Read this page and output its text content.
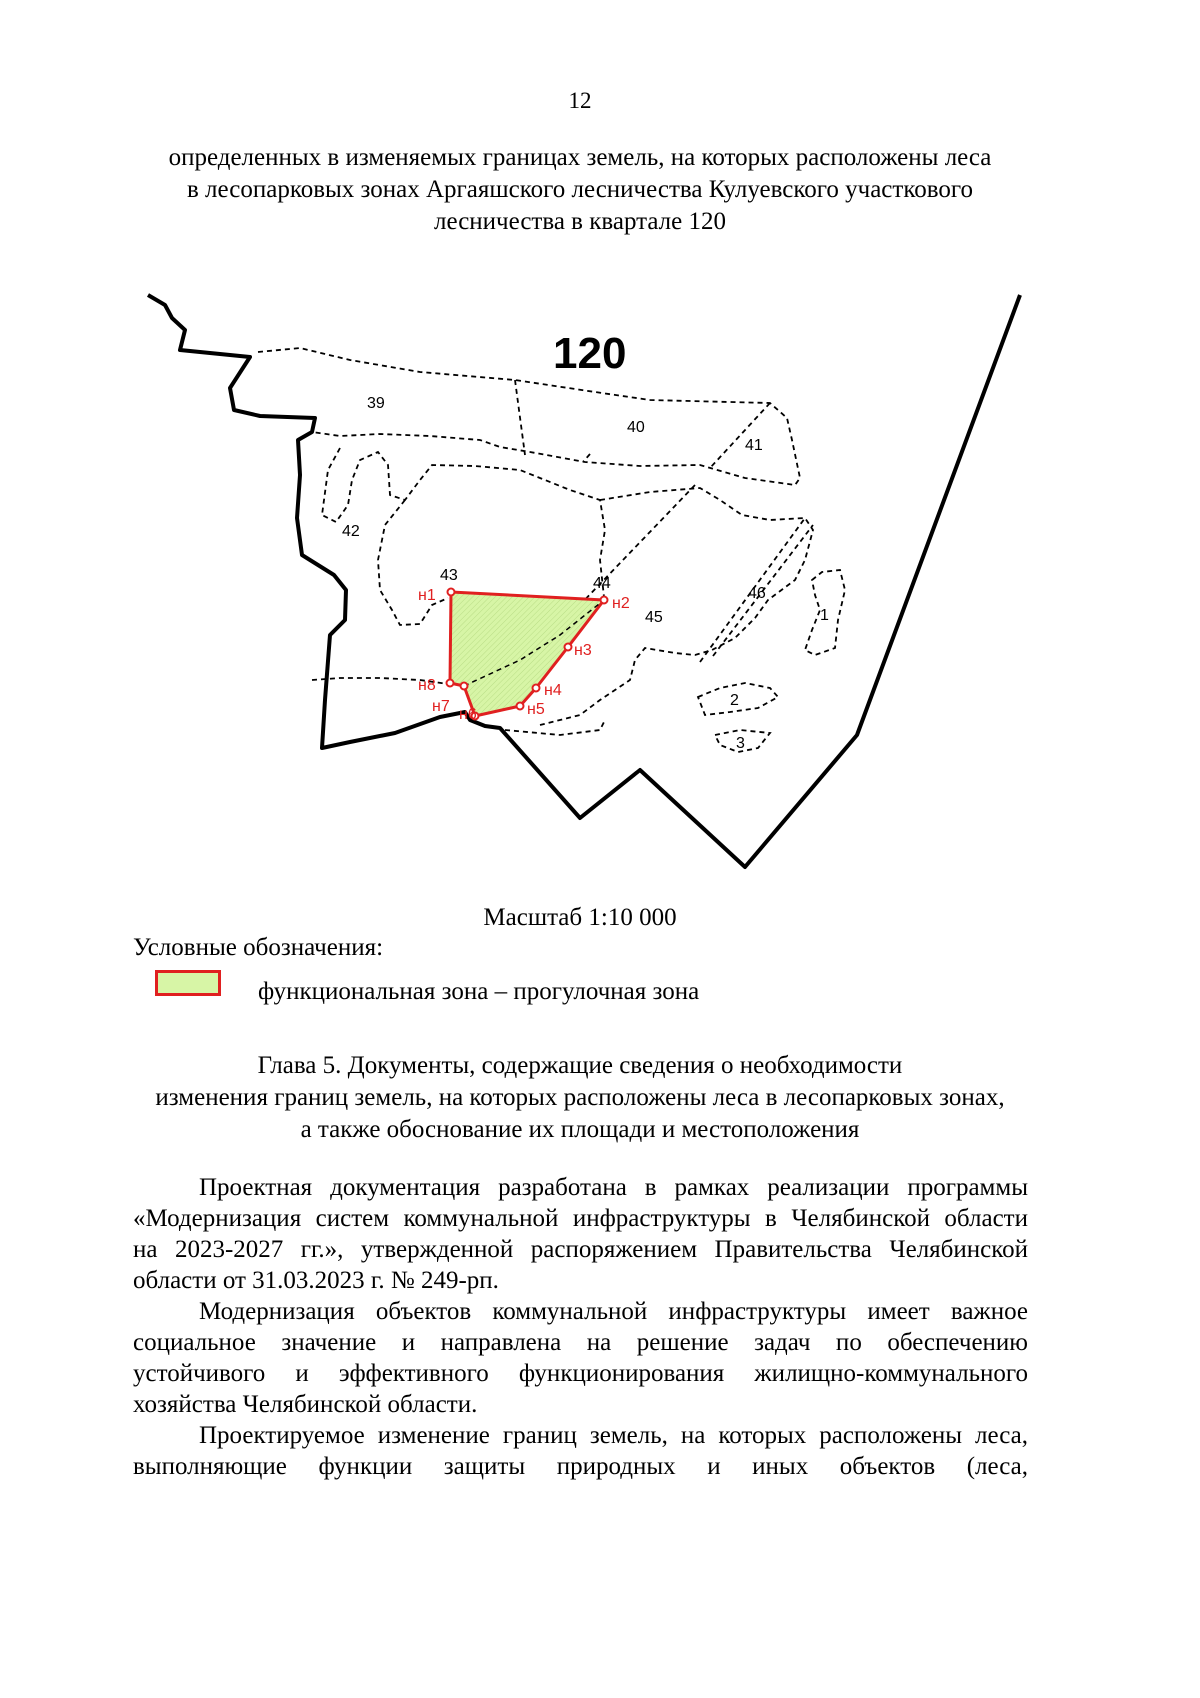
12
определенных в изменяемых границах земель, на которых расположены леса
в лесопарковых зонах Аргаяшского лесничества Кулуевского участкового
лесничества в квартале 120
120
39
40
41
42
43	44
45
46
1
2
3
н1	н2
н3
н4
н5
н6
н7
н8
Масштаб 1:10 000
Условные обозначения:
функциональная зона – прогулочная зона
Глава 5. Документы, содержащие сведения о необходимости
изменения границ земель, на которых расположены леса в лесопарковых зонах,
а также обоснование их площади и местоположения
Проектная документация разработана в рамках реализации программы
«Модернизация систем коммунальной инфраструктуры в Челябинской области
на 2023-2027 гг.», утвержденной распоряжением Правительства Челябинской
области от 31.03.2023 г. № 249-рп.
Модернизация объектов коммунальной инфраструктуры имеет важное
социальное значение и направлена на решение задач по обеспечению
устойчивого и эффективного функционирования жилищно-коммунального
хозяйства Челябинской области.
Проектируемое изменение границ земель, на которых расположены леса,
выполняющие функции защиты природных и иных объектов (леса,
